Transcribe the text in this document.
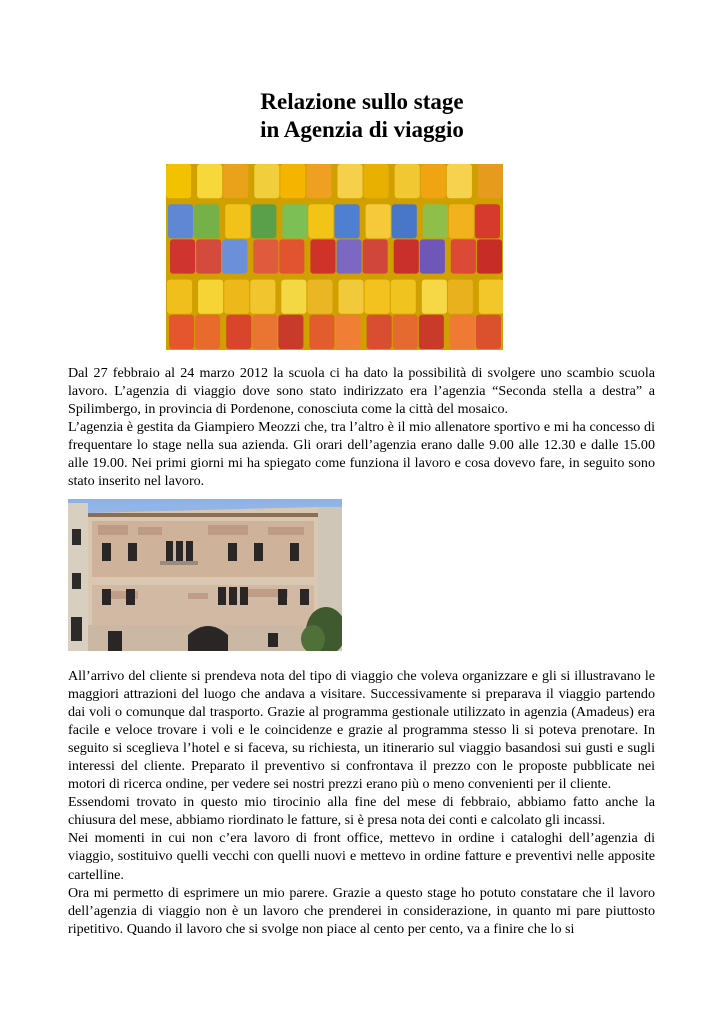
Relazione sullo stage
in Agenzia di viaggio

Dal 27 febbraio al 24 marzo 2012 la scuola ci ha dato la possibilità di svolgere uno scambio scuola lavoro. L’agenzia di viaggio dove sono stato indirizzato era l’agenzia “Seconda stella a destra” a Spilimbergo, in provincia di Pordenone, conosciuta come la città del mosaico.

L’agenzia è gestita da Giampiero Meozzi che, tra l’altro è il mio allenatore sportivo e mi ha concesso di frequentare lo stage nella sua azienda. Gli orari dell’agenzia erano dalle 9.00 alle 12.30 e dalle 15.00 alle 19.00. Nei primi giorni mi ha spiegato come funziona il lavoro e cosa dovevo fare, in seguito sono stato inserito nel lavoro.

All’arrivo del cliente si prendeva nota del tipo di viaggio che voleva organizzare e gli si illustravano le maggiori attrazioni del luogo che andava a visitare. Successivamente si preparava il viaggio partendo dai voli o comunque dal trasporto. Grazie al programma gestionale utilizzato in agenzia (Amadeus) era facile e veloce trovare i voli e le coincidenze e grazie al programma stesso li si poteva prenotare. In seguito si sceglieva l’hotel e si faceva, su richiesta, un itinerario sul viaggio basandosi sui gusti e sugli interessi del cliente. Preparato il preventivo si confrontava il prezzo con le proposte pubblicate nei motori di ricerca ondine, per vedere sei nostri prezzi erano più o meno convenienti per il cliente.

Essendomi trovato in questo mio tirocinio alla fine del mese di febbraio, abbiamo fatto anche la chiusura del mese, abbiamo riordinato le fatture, si è presa nota dei conti e calcolato gli incassi.

Nei momenti in cui non c’era lavoro di front office, mettevo in ordine i cataloghi dell’agenzia di viaggio, sostituivo quelli vecchi con quelli nuovi e mettevo in ordine fatture e preventivi nelle apposite cartelline.

Ora mi permetto di esprimere un mio parere. Grazie a questo stage ho potuto constatare che il lavoro dell’agenzia di viaggio non è un lavoro che prenderei in considerazione, in quanto mi pare piuttosto ripetitivo. Quando il lavoro che si svolge non piace al cento per cento, va a finire che lo si
